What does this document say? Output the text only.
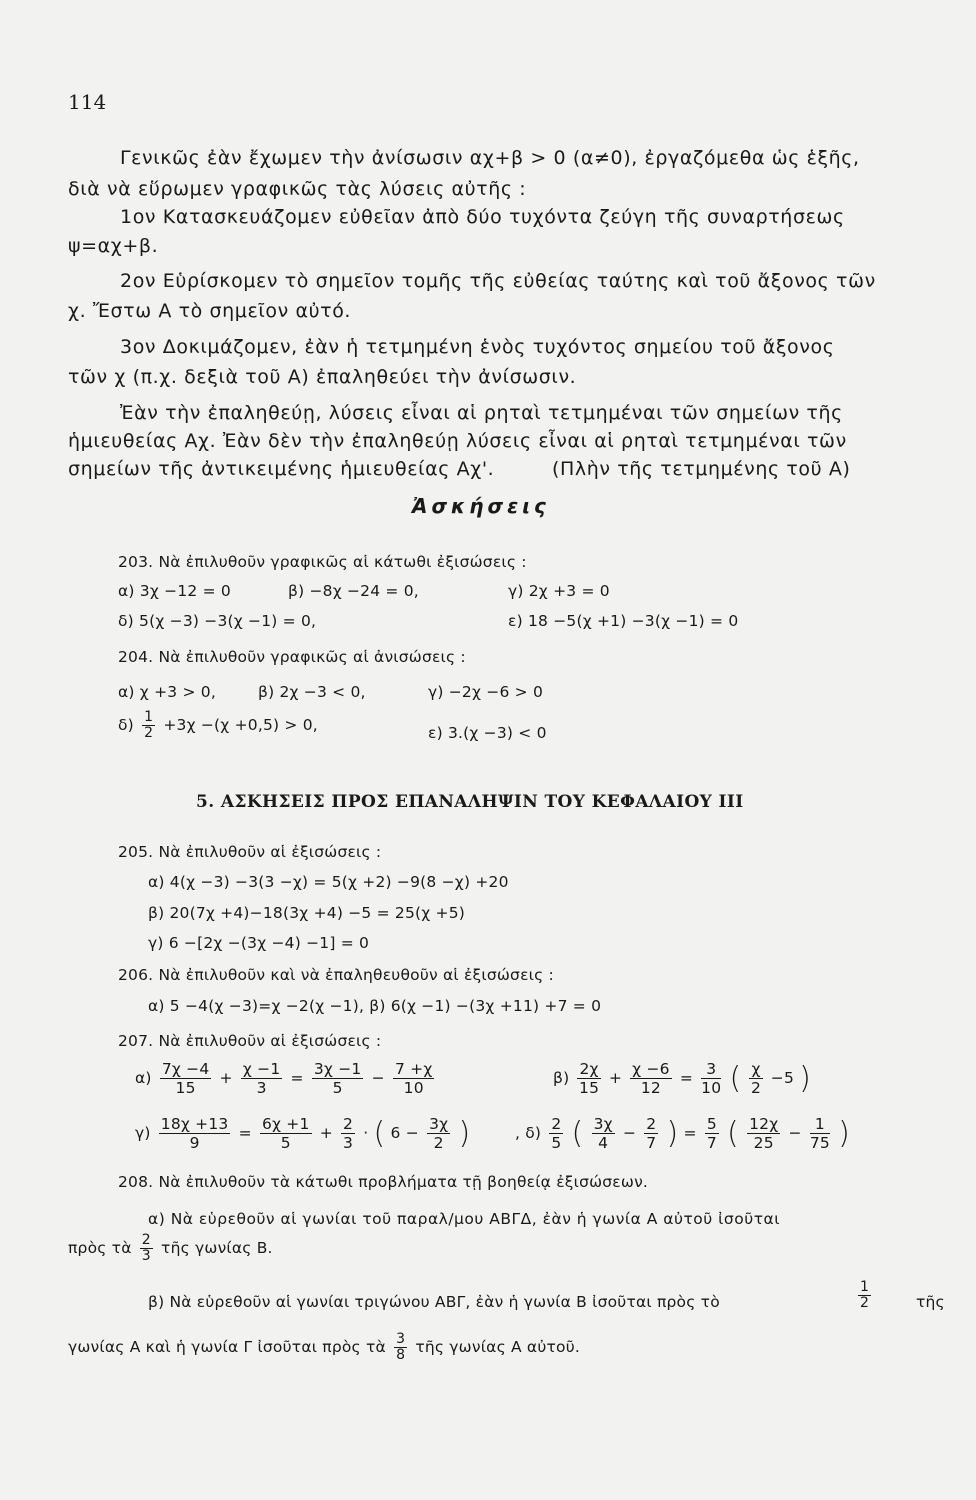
114
Γενικῶς ἐὰν ἔχωμεν τὴν ἀνίσωσιν αχ+β > 0 (α≠0), ἐργαζόμεθα ὡς ἑξῆς,
διὰ νὰ εὕρωμεν γραφικῶς τὰς λύσεις αὐτῆς :
1ον Κατασκευάζομεν εὐθεῖαν ἀπὸ δύο τυχόντα ζεύγη τῆς συναρτήσεως
ψ=αχ+β.
2ον Εὑρίσκομεν τὸ σημεῖον τομῆς τῆς εὐθείας ταύτης καὶ τοῦ ἄξονος τῶν
χ. Ἔστω Α τὸ σημεῖον αὐτό.
3ον Δοκιμάζομεν, ἐὰν ἡ τετμημένη ἑνὸς τυχόντος σημείου τοῦ ἄξονος
τῶν χ (π.χ. δεξιὰ τοῦ Α) ἐπαληθεύει τὴν ἀνίσωσιν.
Ἐὰν τὴν ἐπαληθεύῃ, λύσεις εἶναι αἱ ρηταὶ τετμημέναι τῶν σημείων τῆς
ἡμιευθείας Αχ. Ἐὰν δὲν τὴν ἐπαληθεύῃ λύσεις εἶναι αἱ ρηταὶ τετμημέναι τῶν
σημείων τῆς ἀντικειμένης ἡμιευθείας Αχ'.	(Πλὴν τῆς τετμημένης τοῦ Α)
Ἀσκήσεις
203. Νὰ ἐπιλυθοῦν γραφικῶς αἱ κάτωθι ἐξισώσεις :
α) 3χ −12 = 0	β) −8χ −24 = 0,	γ) 2χ +3 = 0
δ) 5(χ −3) −3(χ −1) = 0,	ε) 18 −5(χ +1) −3(χ −1) = 0
204. Νὰ ἐπιλυθοῦν γραφικῶς αἱ ἀνισώσεις :
α) χ +3 > 0,	β) 2χ −3 < 0,	γ) −2χ −6 > 0
$\delta) \frac{1}{2} +3\chi -(\chi +0,5) > 0$,	ε) 3.(χ −3) < 0
5. ΑΣΚΗΣΕΙΣ ΠΡΟΣ ΕΠΑΝΑΛΗΨΙΝ ΤΟΥ ΚΕΦΑΛΑΙΟΥ ΙΙΙ
205. Νὰ ἐπιλυθοῦν αἱ ἐξισώσεις :
α) 4(χ −3) −3(3 −χ) = 5(χ +2) −9(8 −χ) +20
β) 20(7χ +4)−18(3χ +4) −5 = 25(χ +5)
γ) 6 −[2χ −(3χ −4) −1] = 0
206. Νὰ ἐπιλυθοῦν καὶ νὰ ἐπαληθευθοῦν αἱ ἐξισώσεις :
α) 5 −4(χ −3)=χ −2(χ −1), β) 6(χ −1) −(3χ +11) +7 = 0
207. Νὰ ἐπιλυθοῦν αἱ ἐξισώσεις :
$\alpha) \frac{7\chi -4}{15} + \frac{\chi -1}{3} = \frac{3\chi -1}{5} - \frac{7 +\chi}{10}$	$\beta) \frac{2\chi}{15} + \frac{\chi -6}{12} = \frac{3}{10}$ ( $\frac{\chi}{2} -5$ )
$\gamma) \frac{18\chi +13}{9} = \frac{6\chi +1}{5} + \frac{2}{3}$ · ( $6 - \frac{3\chi}{2}$ )	, $\delta) \frac{2}{5}$ ( $\frac{3\chi}{4} - \frac{2}{7}$ ) = $\frac{5}{7}$ ( $\frac{12\chi}{25} - \frac{1}{75}$ )
208. Νὰ ἐπιλυθοῦν τὰ κάτωθι προβλήματα τῇ βοηθείᾳ ἐξισώσεων.
α) Νὰ εὑρεθοῦν αἱ γωνίαι τοῦ παραλ/μου ΑΒΓΔ, ἐὰν ἡ γωνία Α αὐτοῦ ἰσοῦται
πρὸς τὰ $\frac{2}{3}$ τῆς γωνίας Β.
β) Νὰ εὑρεθοῦν αἱ γωνίαι τριγώνου ΑΒΓ, ἐὰν ἡ γωνία Β ἰσοῦται πρὸς τὸ	$\frac{1}{2}$	τῆς
γωνίας Α καὶ ἡ γωνία Γ ἰσοῦται πρὸς τὰ $\frac{3}{8}$ τῆς γωνίας Α αὐτοῦ.
